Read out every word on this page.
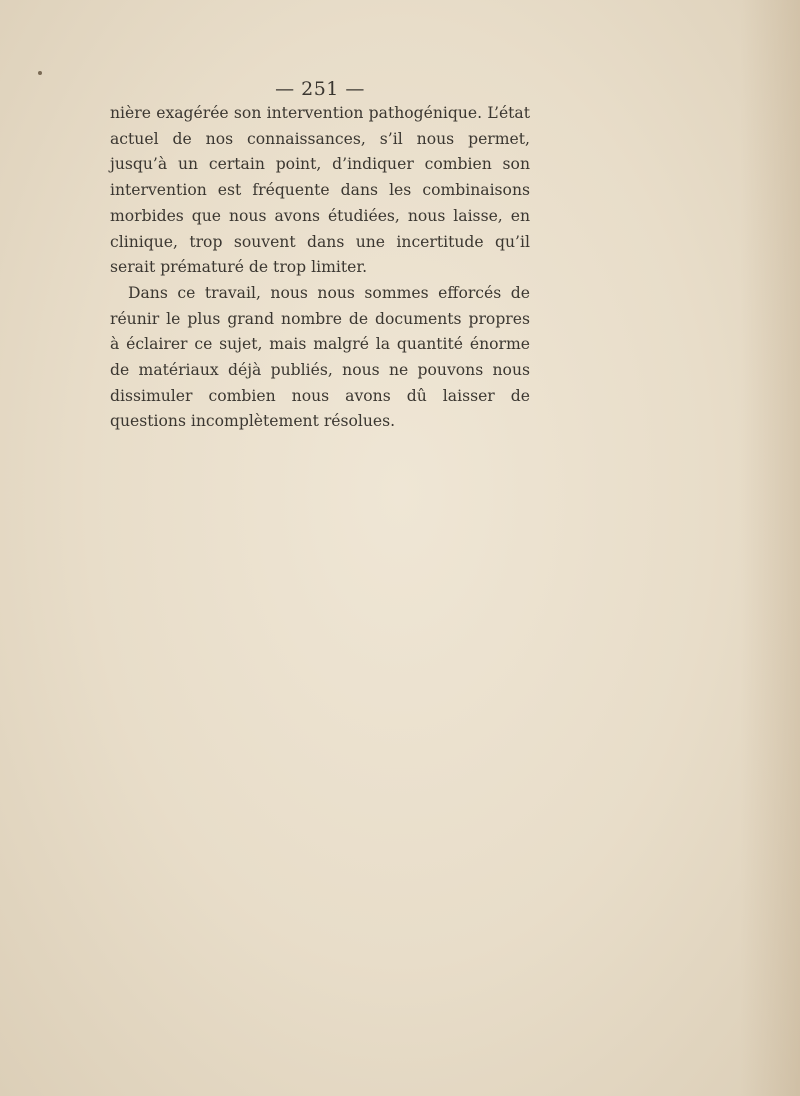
— 251 —

nière exagérée son intervention pathogénique. L’état actuel de nos connaissances, s’il nous permet, jusqu’à un certain point, d’indiquer combien son intervention est fréquente dans les combinaisons morbides que nous avons étudiées, nous laisse, en clinique, trop souvent dans une incertitude qu’il serait prématuré de trop limiter.

Dans ce travail, nous nous sommes efforcés de réunir le plus grand nombre de documents propres à éclairer ce sujet, mais malgré la quantité énorme de matériaux déjà publiés, nous ne pouvons nous dissimuler combien nous avons dû laisser de questions incomplètement résolues.
